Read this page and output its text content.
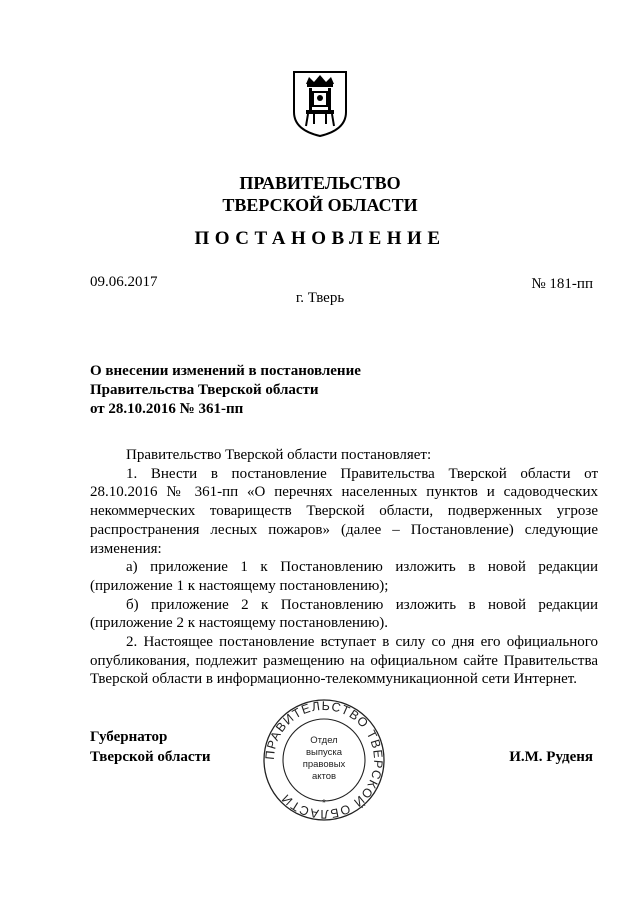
ПРАВИТЕЛЬСТВО
ТВЕРСКОЙ ОБЛАСТИ
ПОСТАНОВЛЕНИЕ
09.06.2017	№ 181-пп
г. Тверь
О внесении изменений в постановление
Правительства Тверской области
от 28.10.2016 № 361-пп

Правительство Тверской области постановляет:

1. Внести в постановление Правительства Тверской области от 28.10.2016 № 361-пп «О перечнях населенных пунктов и садоводческих некоммерческих товариществ Тверской области, подверженных угрозе распространения лесных пожаров» (далее – Постановление) следующие изменения:

а) приложение 1 к Постановлению изложить в новой редакции (приложение 1 к настоящему постановлению);

б) приложение 2 к Постановлению изложить в новой редакции (приложение 2 к настоящему постановлению).

2. Настоящее постановление вступает в силу со дня его официального опубликования, подлежит размещению на официальном сайте Правительства Тверской области в информационно-телекоммуникационной сети Интернет.

Губернатор
Тверской области	И.М. Руденя
ПРАВИТЕЛЬСТВО ТВЕРСКОЙ ОБЛАСТИ
Отдел
выпуска
правовых
актов
*
